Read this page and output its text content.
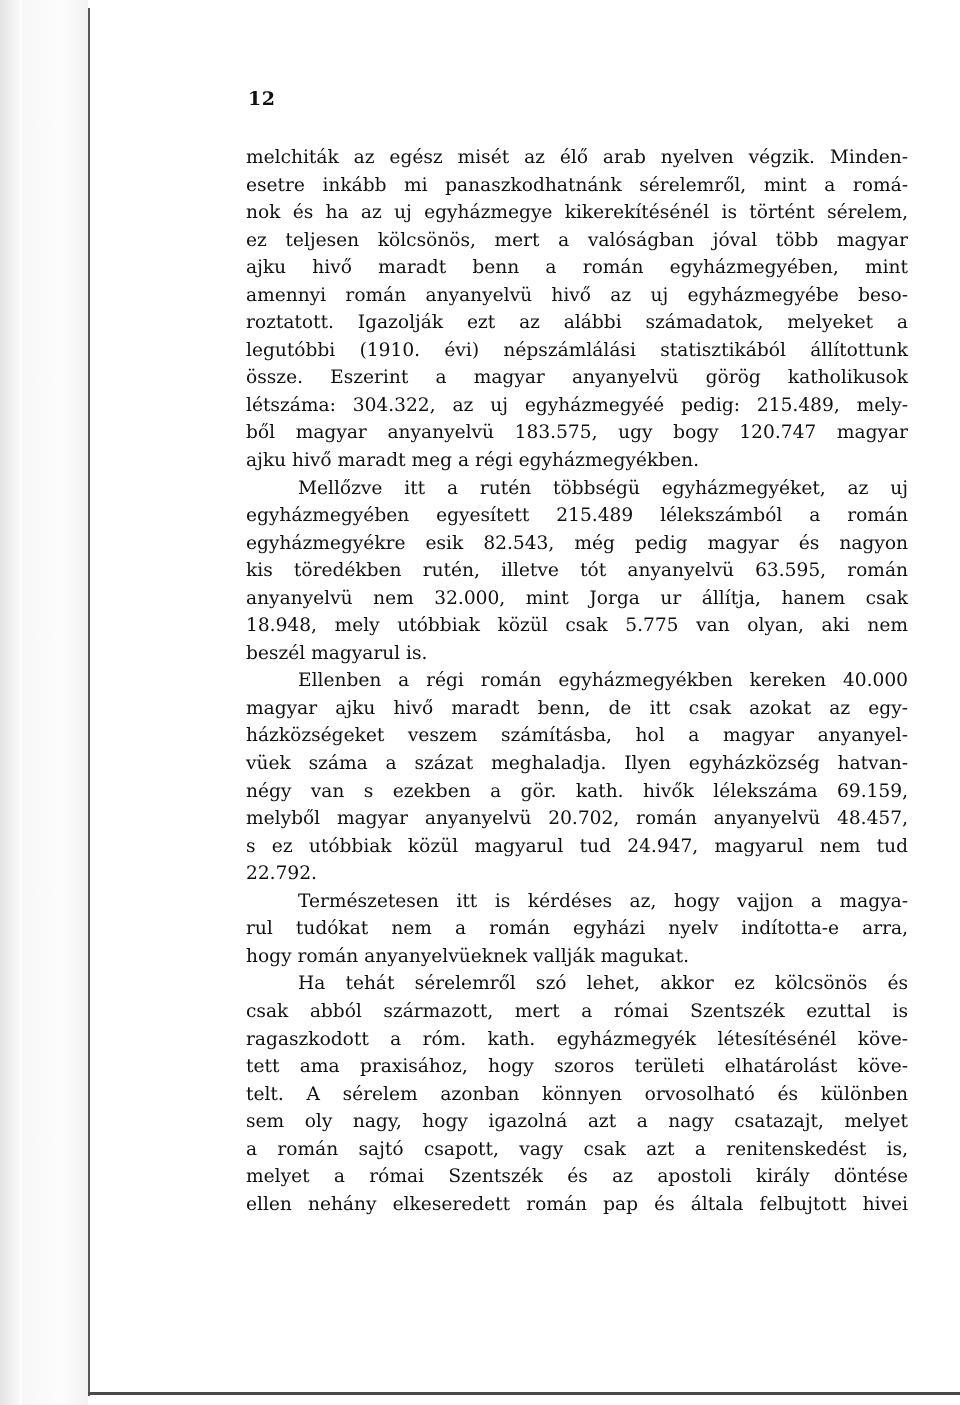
12
melchiták az egész misét az élő arab nyelven végzik. Minden-
esetre inkább mi panaszkodhatnánk sérelemről, mint a romá-
nok és ha az uj egyházmegye kikerekítésénél is történt sérelem,
ez teljesen kölcsönös, mert a valóságban jóval több magyar
ajku hivő maradt benn a román egyházmegyében, mint
amennyi román anyanyelvü hivő az uj egyházmegyébe beso-
roztatott. Igazolják ezt az alábbi számadatok, melyeket a
legutóbbi (1910. évi) népszámlálási statisztikából állítottunk
össze. Eszerint a magyar anyanyelvü görög katholikusok
létszáma: 304.322, az uj egyházmegyéé pedig: 215.489, mely-
ből magyar anyanyelvü 183.575, ugy bogy 120.747 magyar
ajku hivő maradt meg a régi egyházmegyékben.
Mellőzve itt a rutén többségü egyházmegyéket, az uj
egyházmegyében egyesített 215.489 lélekszámból a román
egyházmegyékre esik 82.543, még pedig magyar és nagyon
kis töredékben rutén, illetve tót anyanyelvü 63.595, román
anyanyelvü nem 32.000, mint Jorga ur állítja, hanem csak
18.948, mely utóbbiak közül csak 5.775 van olyan, aki nem
beszél magyarul is.
Ellenben a régi román egyházmegyékben kereken 40.000
magyar ajku hivő maradt benn, de itt csak azokat az egy-
házközségeket veszem számításba, hol a magyar anyanyel-
vüek száma a százat meghaladja. Ilyen egyházközség hatvan-
négy van s ezekben a gör. kath. hivők lélekszáma 69.159,
melyből magyar anyanyelvü 20.702, román anyanyelvü 48.457,
s ez utóbbiak közül magyarul tud 24.947, magyarul nem tud
22.792.
Természetesen itt is kérdéses az, hogy vajjon a magya-
rul tudókat nem a román egyházi nyelv indította-e arra,
hogy román anyanyelvüeknek vallják magukat.
Ha tehát sérelemről szó lehet, akkor ez kölcsönös és
csak abból származott, mert a római Szentszék ezuttal is
ragaszkodott a róm. kath. egyházmegyék létesítésénél köve-
tett ama praxisához, hogy szoros területi elhatárolást köve-
telt. A sérelem azonban könnyen orvosolható és különben
sem oly nagy, hogy igazolná azt a nagy csatazajt, melyet
a román sajtó csapott, vagy csak azt a renitenskedést is,
melyet a római Szentszék és az apostoli király döntése
ellen nehány elkeseredett román pap és általa felbujtott hivei
